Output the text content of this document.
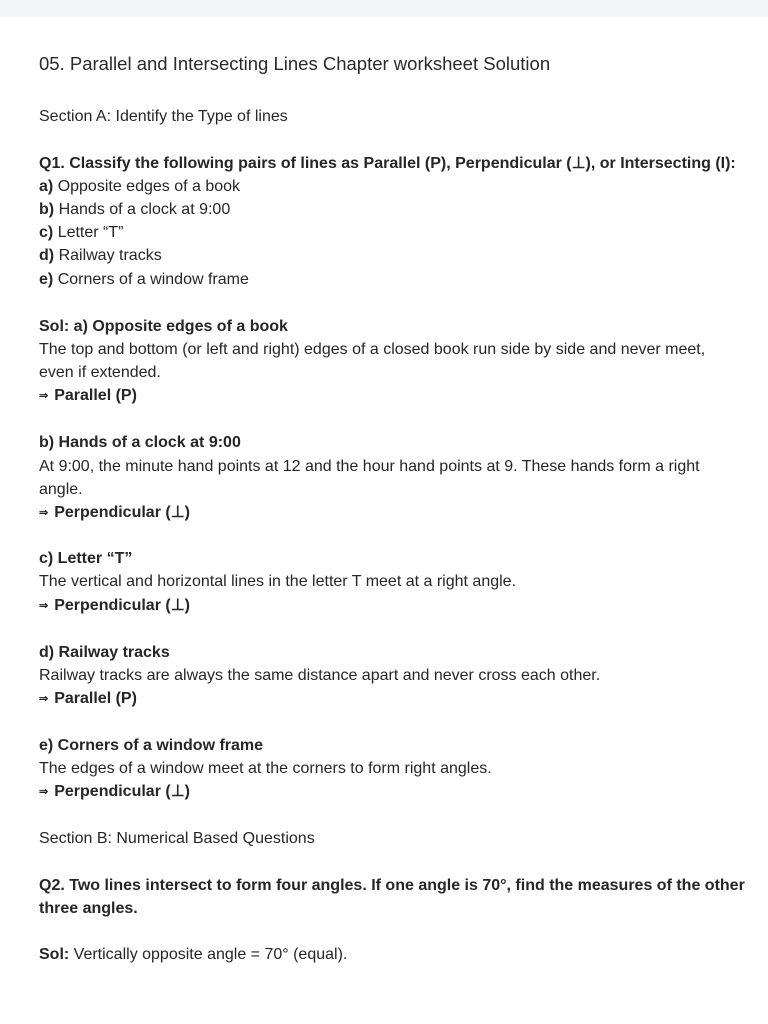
05. Parallel and Intersecting Lines Chapter worksheet Solution
Section A: Identify the Type of lines
Q1. Classify the following pairs of lines as Parallel (P), Perpendicular (⊥), or Intersecting (I):
a) Opposite edges of a book
b) Hands of a clock at 9:00
c) Letter “T”
d) Railway tracks
e) Corners of a window frame
Sol: a) Opposite edges of a book
The top and bottom (or left and right) edges of a closed book run side by side and never meet,
even if extended.
⇒ Parallel (P)
b) Hands of a clock at 9:00
At 9:00, the minute hand points at 12 and the hour hand points at 9. These hands form a right
angle.
⇒ Perpendicular (⊥)
c) Letter “T”
The vertical and horizontal lines in the letter T meet at a right angle.
⇒ Perpendicular (⊥)
d) Railway tracks
Railway tracks are always the same distance apart and never cross each other.
⇒ Parallel (P)
e) Corners of a window frame
The edges of a window meet at the corners to form right angles.
⇒ Perpendicular (⊥)
Section B: Numerical Based Questions
Q2. Two lines intersect to form four angles. If one angle is 70°, find the measures of the other
three angles.
Sol: Vertically opposite angle = 70° (equal).
